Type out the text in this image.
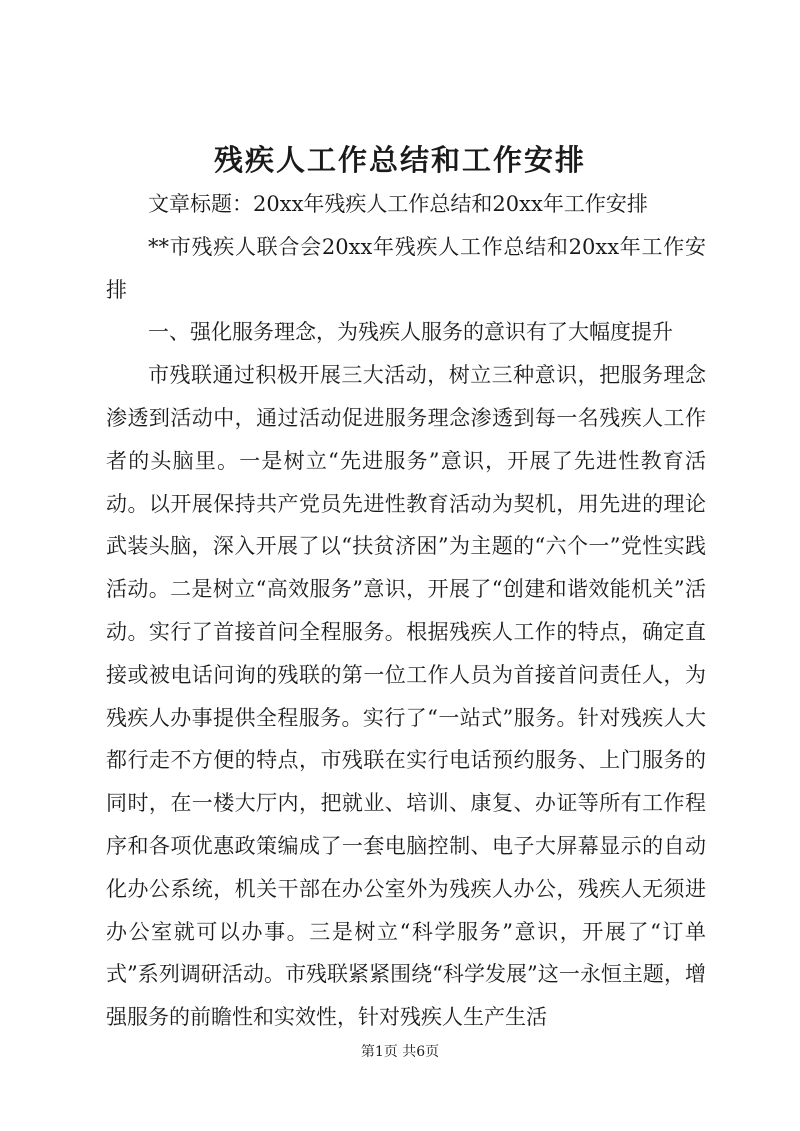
残疾人工作总结和工作安排

文章标题：20xx年残疾人工作总结和20xx年工作安排

**市残疾人联合会20xx年残疾人工作总结和20xx年工作安排

一、强化服务理念，为残疾人服务的意识有了大幅度提升

市残联通过积极开展三大活动，树立三种意识，把服务理念渗透到活动中，通过活动促进服务理念渗透到每一名残疾人工作者的头脑里。一是树立“先进服务”意识，开展了先进性教育活动。以开展保持共产党员先进性教育活动为契机，用先进的理论武装头脑，深入开展了以“扶贫济困”为主题的“六个一”党性实践活动。二是树立“高效服务”意识，开展了“创建和谐效能机关”活动。实行了首接首问全程服务。根据残疾人工作的特点，确定直接或被电话问询的残联的第一位工作人员为首接首问责任人，为残疾人办事提供全程服务。实行了“一站式”服务。针对残疾人大都行走不方便的特点，市残联在实行电话预约服务、上门服务的同时，在一楼大厅内，把就业、培训、康复、办证等所有工作程序和各项优惠政策编成了一套电脑控制、电子大屏幕显示的自动化办公系统，机关干部在办公室外为残疾人办公，残疾人无须进办公室就可以办事。三是树立“科学服务”意识，开展了“订单式”系列调研活动。市残联紧紧围绕“科学发展”这一永恒主题，增强服务的前瞻性和实效性，针对残疾人生产生活

第1页 共6页
